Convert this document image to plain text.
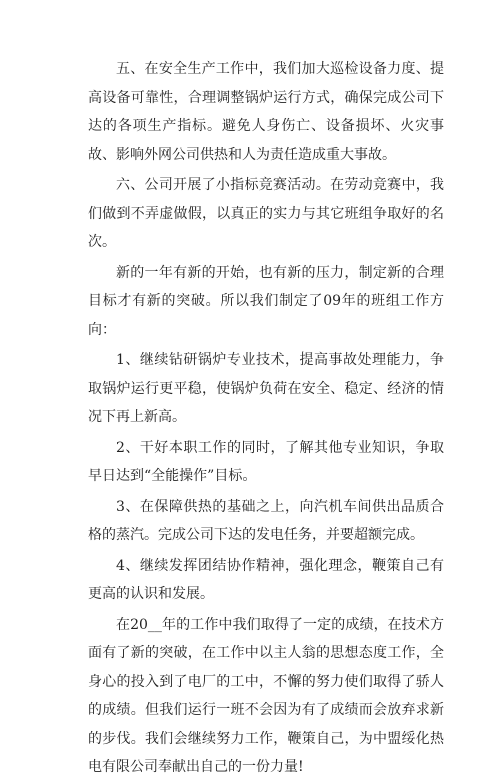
五、在安全生产工作中，我们加大巡检设备力度、提高设备可靠性，合理调整锅炉运行方式，确保完成公司下达的各项生产指标。避免人身伤亡、设备损坏、火灾事故、影响外网公司供热和人为责任造成重大事故。

六、公司开展了小指标竞赛活动。在劳动竞赛中，我们做到不弄虚做假，以真正的实力与其它班组争取好的名次。

新的一年有新的开始，也有新的压力，制定新的合理目标才有新的突破。所以我们制定了09年的班组工作方向：

1、继续钻研锅炉专业技术，提高事故处理能力，争取锅炉运行更平稳，使锅炉负荷在安全、稳定、经济的情况下再上新高。

2、干好本职工作的同时，了解其他专业知识，争取早日达到“全能操作”目标。

3、在保障供热的基础之上，向汽机车间供出品质合格的蒸汽。完成公司下达的发电任务，并要超额完成。

4、继续发挥团结协作精神，强化理念，鞭策自己有更高的认识和发展。

在20__年的工作中我们取得了一定的成绩，在技术方面有了新的突破，在工作中以主人翁的思想态度工作，全身心的投入到了电厂的工中，不懈的努力使们取得了骄人的成绩。但我们运行一班不会因为有了成绩而会放弃求新的步伐。我们会继续努力工作，鞭策自己，为中盟绥化热电有限公司奉献出自己的一份力量!
